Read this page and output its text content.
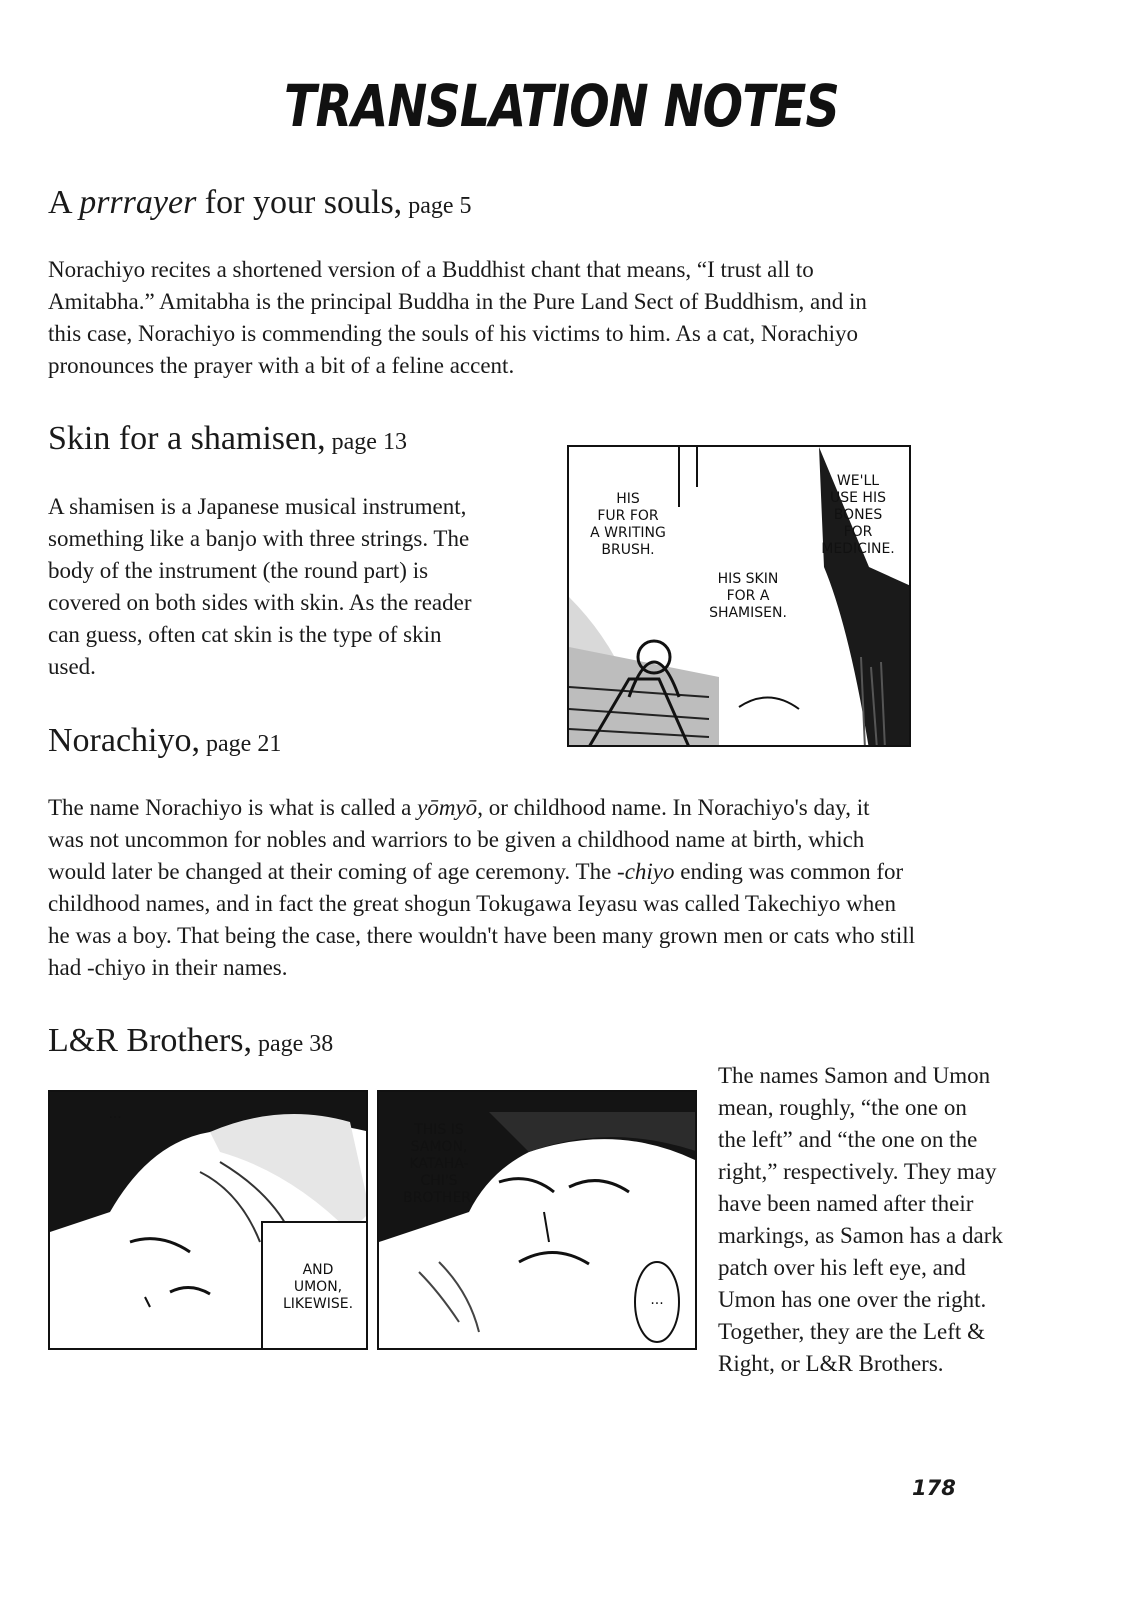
TRANSLATION NOTES
A prrrayer for your souls, page 5
Norachiyo recites a shortened version of a Buddhist chant that means, “I trust all to
Amitabha.” Amitabha is the principal Buddha in the Pure Land Sect of Buddhism, and in
this case, Norachiyo is commending the souls of his victims to him. As a cat, Norachiyo
pronounces the prayer with a bit of a feline accent.
Skin for a shamisen, page 13
A shamisen is a Japanese musical instrument,
something like a banjo with three strings. The
body of the instrument (the round part) is
covered on both sides with skin. As the reader
can guess, often cat skin is the type of skin
used.
HIS
FUR FOR
A WRITING
BRUSH.
WE'LL
USE HIS
BONES
FOR
MEDICINE.
HIS SKIN
FOR A
SHAMISEN.
Norachiyo, page 21
The name Norachiyo is what is called a yōmyō, or childhood name. In Norachiyo's day, it
was not uncommon for nobles and warriors to be given a childhood name at birth, which
would later be changed at their coming of age ceremony. The -chiyo ending was common for
childhood names, and in fact the great shogun Tokugawa Ieyasu was called Takechiyo when
he was a boy. That being the case, there wouldn't have been many grown men or cats who still
had -chiyo in their names.
L&R Brothers, page 38
...
AND
UMON,
LIKEWISE.
THIS IS
SAMON,
KATAHA-
CHI'S
BROTHER.
...
The names Samon and Umon
mean, roughly, “the one on
the left” and “the one on the
right,” respectively. They may
have been named after their
markings, as Samon has a dark
patch over his left eye, and
Umon has one over the right.
Together, they are the Left &
Right, or L&R Brothers.
178
